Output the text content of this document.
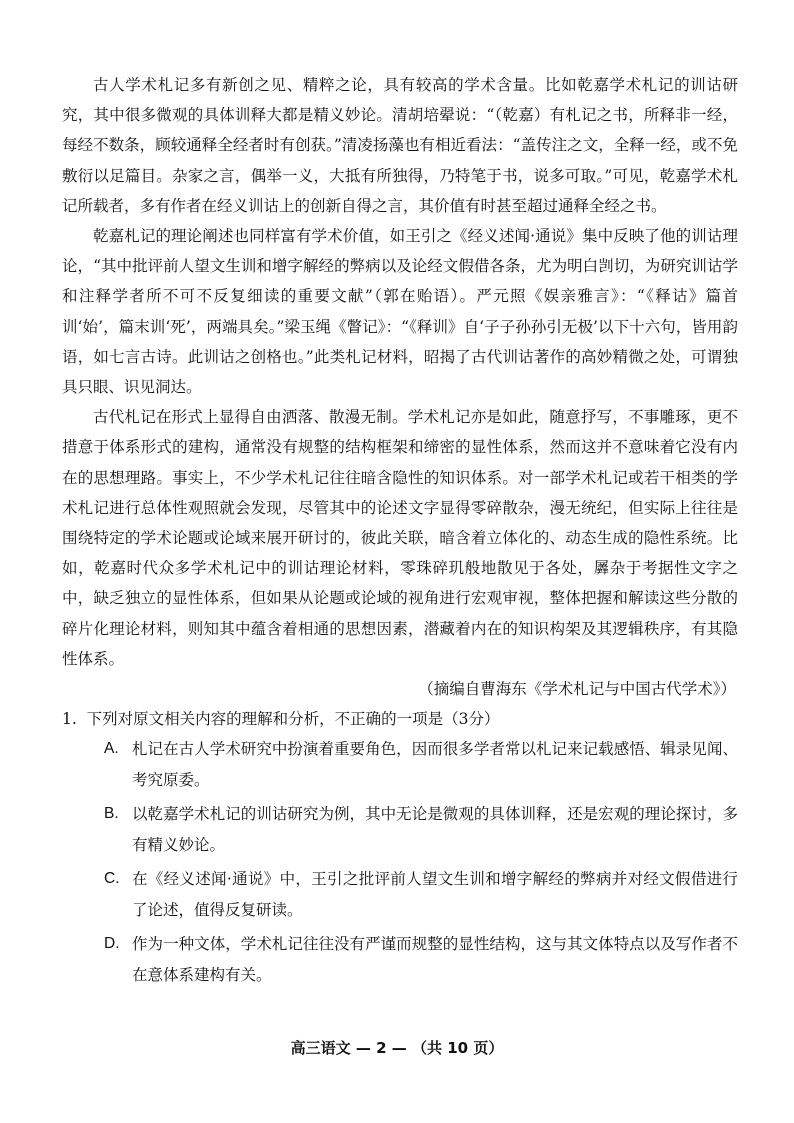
古人学术札记多有新创之见、精粹之论，具有较高的学术含量。比如乾嘉学术札记的训诂研究，其中很多微观的具体训释大都是精义妙论。清胡培翚说：“（乾嘉）有札记之书，所释非一经，每经不数条，顾较通释全经者时有创获。”清凌扬藻也有相近看法：“盖传注之文，全释一经，或不免敷衍以足篇目。杂家之言，偶举一义，大抵有所独得，乃特笔于书，说多可取。”可见，乾嘉学术札记所载者，多有作者在经义训诂上的创新自得之言，其价值有时甚至超过通释全经之书。

乾嘉札记的理论阐述也同样富有学术价值，如王引之《经义述闻·通说》集中反映了他的训诂理论，“其中批评前人望文生训和增字解经的弊病以及论经文假借各条，尤为明白剀切，为研究训诂学和注释学者所不可不反复细读的重要文献”（郭在贻语）。严元照《娱亲雅言》：“《释诂》篇首训‘始’，篇末训‘死’，两端具矣。”梁玉绳《瞥记》：“《释训》自‘子子孙孙引无极’以下十六句，皆用韵语，如七言古诗。此训诂之创格也。”此类札记材料，昭揭了古代训诂著作的高妙精微之处，可谓独具只眼、识见洞达。

古代札记在形式上显得自由洒落、散漫无制。学术札记亦是如此，随意抒写，不事雕琢，更不措意于体系形式的建构，通常没有规整的结构框架和缔密的显性体系，然而这并不意味着它没有内在的思想理路。事实上，不少学术札记往往暗含隐性的知识体系。对一部学术札记或若干相类的学术札记进行总体性观照就会发现，尽管其中的论述文字显得零碎散杂，漫无统纪，但实际上往往是围绕特定的学术论题或论域来展开研讨的，彼此关联，暗含着立体化的、动态生成的隐性系统。比如，乾嘉时代众多学术札记中的训诂理论材料，零珠碎玑般地散见于各处，羼杂于考据性文字之中，缺乏独立的显性体系，但如果从论题或论域的视角进行宏观审视，整体把握和解读这些分散的碎片化理论材料，则知其中蕴含着相通的思想因素，潜藏着内在的知识构架及其逻辑秩序，有其隐性体系。

（摘编自曹海东《学术札记与中国古代学术》）

1. 下列对原文相关内容的理解和分析，不正确的一项是（3分）
A. 札记在古人学术研究中扮演着重要角色，因而很多学者常以札记来记载感悟、辑录见闻、考究原委。
B. 以乾嘉学术札记的训诂研究为例，其中无论是微观的具体训释，还是宏观的理论探讨，多有精义妙论。
C. 在《经义述闻·通说》中，王引之批评前人望文生训和增字解经的弊病并对经文假借进行了论述，值得反复研读。
D. 作为一种文体，学术札记往往没有严谨而规整的显性结构，这与其文体特点以及写作者不在意体系建构有关。
高三语文 — 2 — （共 10 页）
